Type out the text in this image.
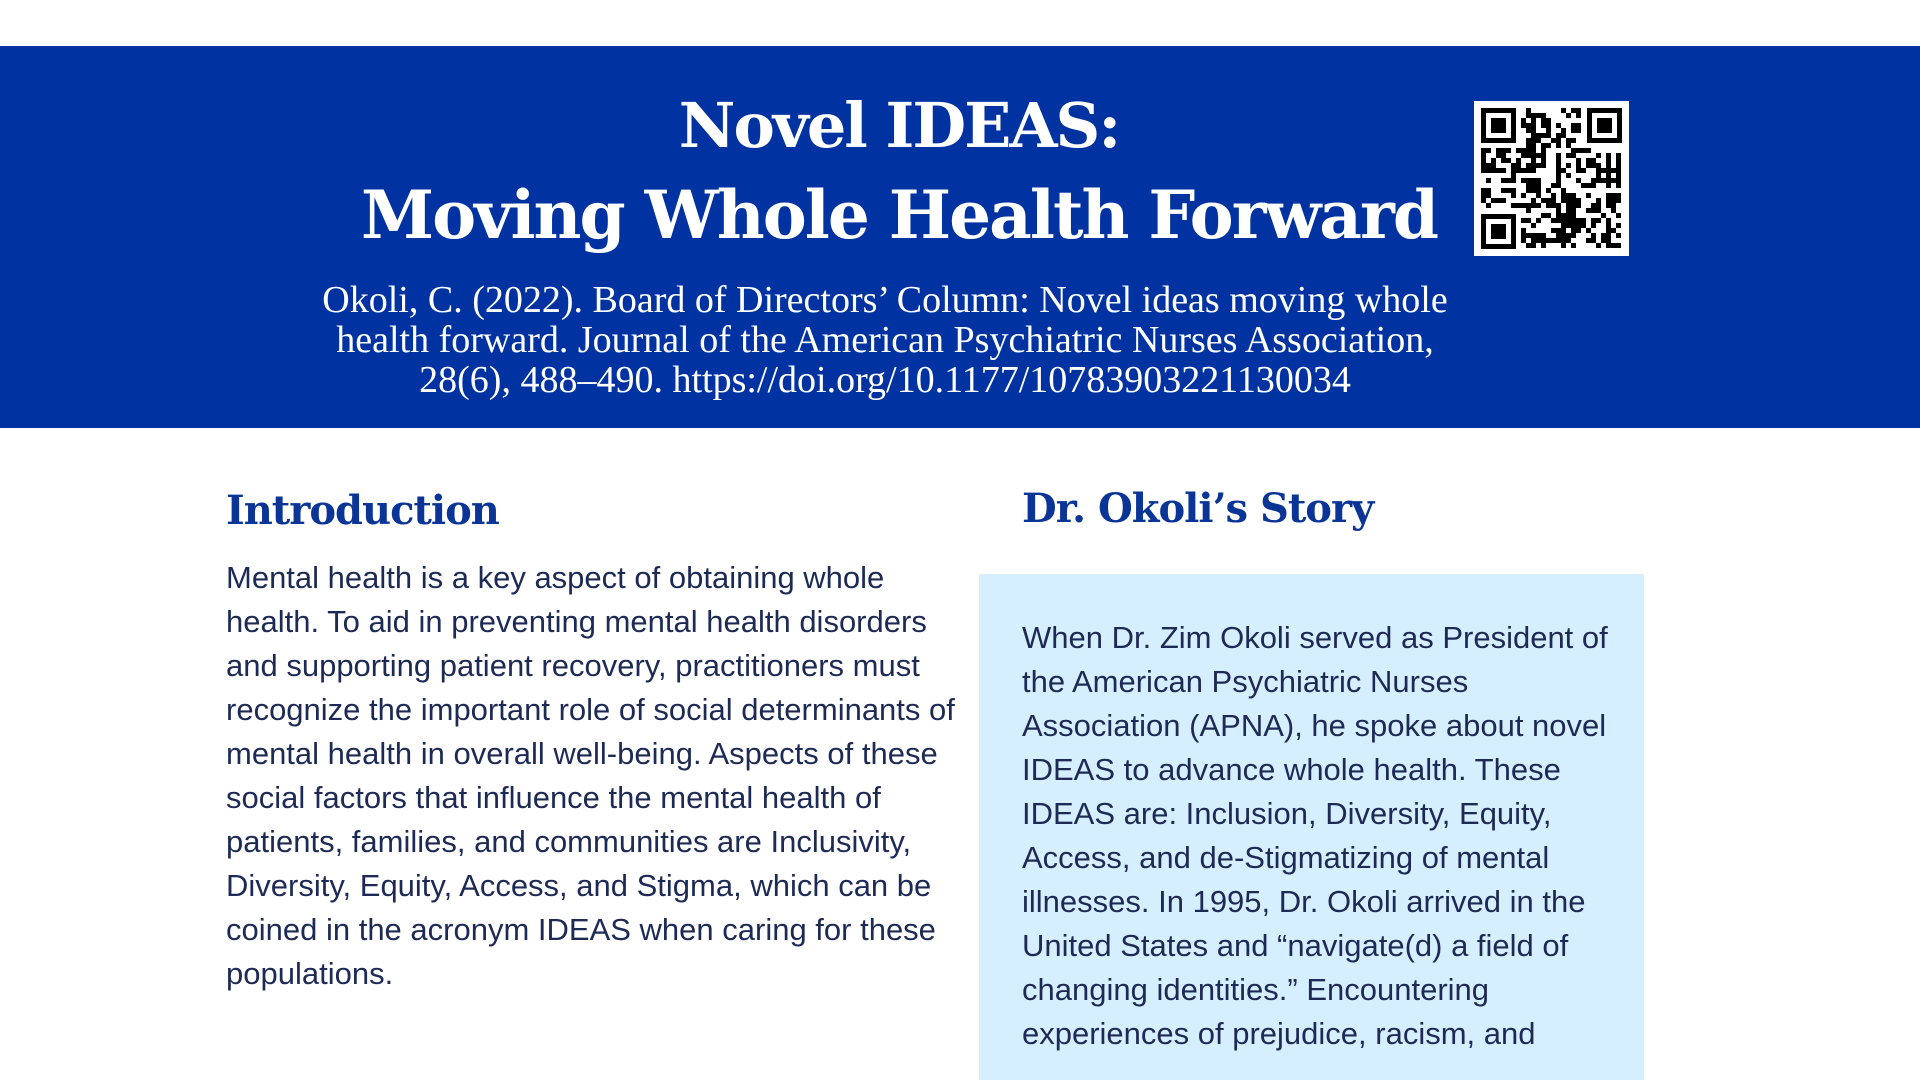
Novel IDEAS:
Moving Whole Health Forward

Okoli, C. (2022). Board of Directors’ Column: Novel ideas moving whole health forward. Journal of the American Psychiatric Nurses Association, 28(6), 488–490. https://doi.org/10.1177/10783903221130034

Introduction

Mental health is a key aspect of obtaining whole health. To aid in preventing mental health disorders and supporting patient recovery, practitioners must recognize the important role of social determinants of mental health in overall well-being. Aspects of these social factors that influence the mental health of patients, families, and communities are Inclusivity, Diversity, Equity, Access, and Stigma, which can be coined in the acronym IDEAS when caring for these populations.

Dr. Okoli’s Story

When Dr. Zim Okoli served as President of the American Psychiatric Nurses Association (APNA), he spoke about novel IDEAS to advance whole health. These IDEAS are: Inclusion, Diversity, Equity, Access, and de-Stigmatizing of mental illnesses. In 1995, Dr. Okoli arrived in the United States and “navigate(d) a field of changing identities.” Encountering experiences of prejudice, racism, and
